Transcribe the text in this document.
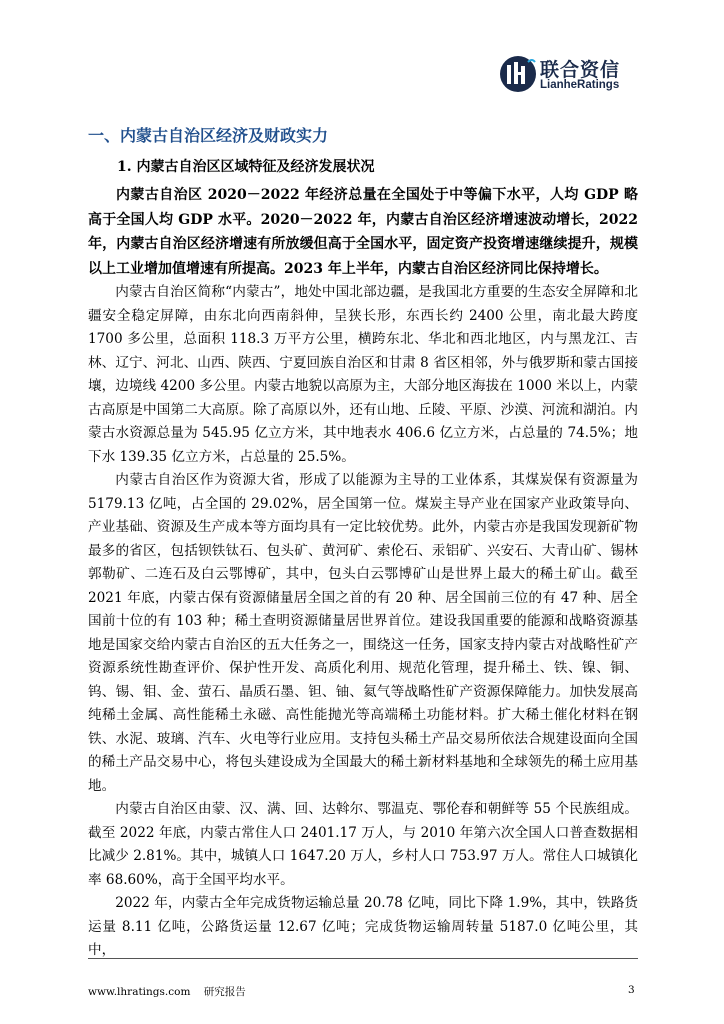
联合资信
LianheRatings
一、内蒙古自治区经济及财政实力
1. 内蒙古自治区区域特征及经济发展状况

内蒙古自治区 2020－2022 年经济总量在全国处于中等偏下水平，人均 GDP 略高于全国人均 GDP 水平。2020－2022 年，内蒙古自治区经济增速波动增长，2022 年，内蒙古自治区经济增速有所放缓但高于全国水平，固定资产投资增速继续提升，规模以上工业增加值增速有所提高。2023 年上半年，内蒙古自治区经济同比保持增长。

内蒙古自治区简称“内蒙古”，地处中国北部边疆，是我国北方重要的生态安全屏障和北疆安全稳定屏障，由东北向西南斜伸，呈狭长形，东西长约 2400 公里，南北最大跨度 1700 多公里，总面积 118.3 万平方公里，横跨东北、华北和西北地区，内与黑龙江、吉林、辽宁、河北、山西、陕西、宁夏回族自治区和甘肃 8 省区相邻，外与俄罗斯和蒙古国接壤，边境线 4200 多公里。内蒙古地貌以高原为主，大部分地区海拔在 1000 米以上，内蒙古高原是中国第二大高原。除了高原以外，还有山地、丘陵、平原、沙漠、河流和湖泊。内蒙古水资源总量为 545.95 亿立方米，其中地表水 406.6 亿立方米，占总量的 74.5%；地下水 139.35 亿立方米，占总量的 25.5%。

内蒙古自治区作为资源大省，形成了以能源为主导的工业体系，其煤炭保有资源量为 5179.13 亿吨，占全国的 29.02%，居全国第一位。煤炭主导产业在国家产业政策导向、产业基础、资源及生产成本等方面均具有一定比较优势。此外，内蒙古亦是我国发现新矿物最多的省区，包括钡铁钛石、包头矿、黄河矿、索伦石、汞铝矿、兴安石、大青山矿、锡林郭勒矿、二连石及白云鄂博矿，其中，包头白云鄂博矿山是世界上最大的稀土矿山。截至 2021 年底，内蒙古保有资源储量居全国之首的有 20 种、居全国前三位的有 47 种、居全国前十位的有 103 种；稀土查明资源储量居世界首位。建设我国重要的能源和战略资源基地是国家交给内蒙古自治区的五大任务之一，围绕这一任务，国家支持内蒙古对战略性矿产资源系统性勘查评价、保护性开发、高质化利用、规范化管理，提升稀土、铁、镍、铜、钨、锡、钼、金、萤石、晶质石墨、钽、铀、氦气等战略性矿产资源保障能力。加快发展高纯稀土金属、高性能稀土永磁、高性能抛光等高端稀土功能材料。扩大稀土催化材料在钢铁、水泥、玻璃、汽车、火电等行业应用。支持包头稀土产品交易所依法合规建设面向全国的稀土产品交易中心，将包头建设成为全国最大的稀土新材料基地和全球领先的稀土应用基地。

内蒙古自治区由蒙、汉、满、回、达斡尔、鄂温克、鄂伦春和朝鲜等 55 个民族组成。截至 2022 年底，内蒙古常住人口 2401.17 万人，与 2010 年第六次全国人口普查数据相比减少 2.81%。其中，城镇人口 1647.20 万人，乡村人口 753.97 万人。常住人口城镇化率 68.60%，高于全国平均水平。

2022 年，内蒙古全年完成货物运输总量 20.78 亿吨，同比下降 1.9%，其中，铁路货运量 8.11 亿吨，公路货运量 12.67 亿吨；完成货物运输周转量 5187.0 亿吨公里，其中，

www.lhratings.com 研究报告	3
